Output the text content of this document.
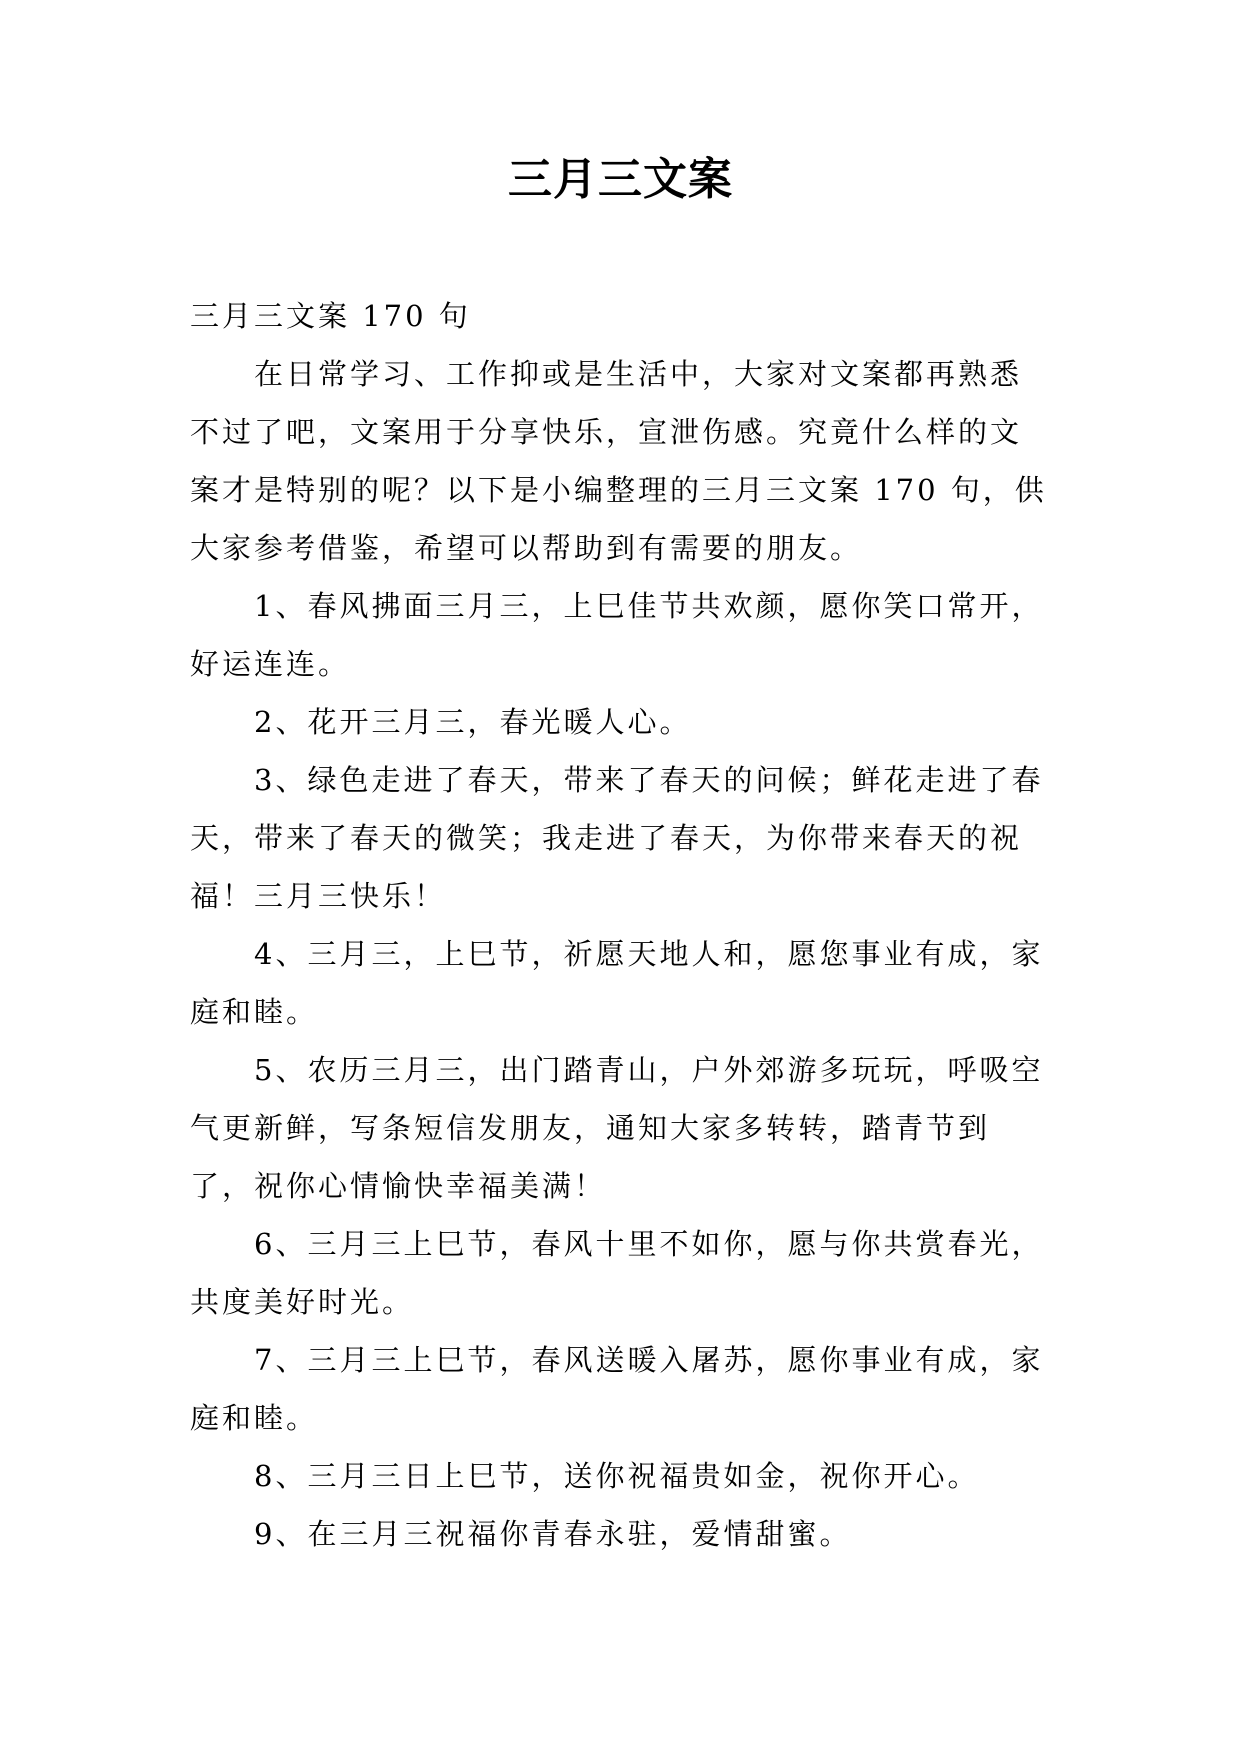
三月三文案

三月三文案 170 句

在日常学习、工作抑或是生活中，大家对文案都再熟悉不过了吧，文案用于分享快乐，宣泄伤感。究竟什么样的文案才是特别的呢？以下是小编整理的三月三文案 170 句，供大家参考借鉴，希望可以帮助到有需要的朋友。

1、春风拂面三月三，上巳佳节共欢颜，愿你笑口常开，好运连连。

2、花开三月三，春光暖人心。

3、绿色走进了春天，带来了春天的问候；鲜花走进了春天，带来了春天的微笑；我走进了春天，为你带来春天的祝福！三月三快乐！

4、三月三，上巳节，祈愿天地人和，愿您事业有成，家庭和睦。

5、农历三月三，出门踏青山，户外郊游多玩玩，呼吸空气更新鲜，写条短信发朋友，通知大家多转转，踏青节到了，祝你心情愉快幸福美满！

6、三月三上巳节，春风十里不如你，愿与你共赏春光，共度美好时光。

7、三月三上巳节，春风送暖入屠苏，愿你事业有成，家庭和睦。

8、三月三日上巳节，送你祝福贵如金，祝你开心。

9、在三月三祝福你青春永驻，爱情甜蜜。
